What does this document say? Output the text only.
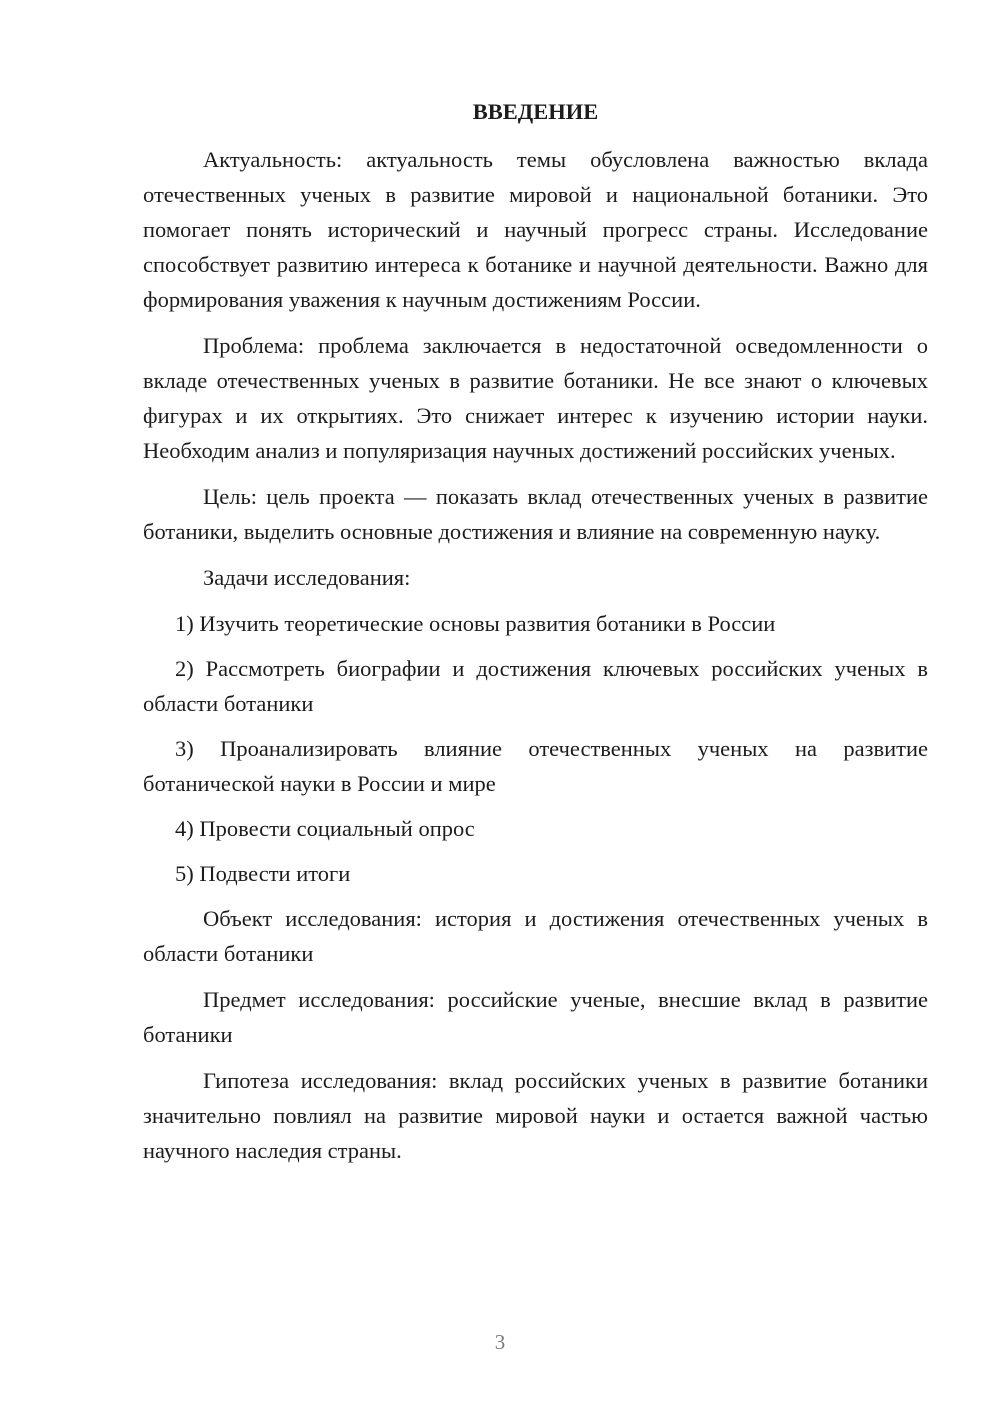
ВВЕДЕНИЕ

Актуальность: актуальность темы обусловлена важностью вклада отечественных ученых в развитие мировой и национальной ботаники. Это помогает понять исторический и научный прогресс страны. Исследование способствует развитию интереса к ботанике и научной деятельности. Важно для формирования уважения к научным достижениям России.

Проблема: проблема заключается в недостаточной осведомленности о вкладе отечественных ученых в развитие ботаники. Не все знают о ключевых фигурах и их открытиях. Это снижает интерес к изучению истории науки. Необходим анализ и популяризация научных достижений российских ученых.

Цель: цель проекта — показать вклад отечественных ученых в развитие ботаники, выделить основные достижения и влияние на современную науку.

Задачи исследования:

1) Изучить теоретические основы развития ботаники в России

2) Рассмотреть биографии и достижения ключевых российских ученых в области ботаники

3) Проанализировать влияние отечественных ученых на развитие ботанической науки в России и мире

4) Провести социальный опрос

5) Подвести итоги

Объект исследования: история и достижения отечественных ученых в области ботаники

Предмет исследования: российские ученые, внесшие вклад в развитие ботаники

Гипотеза исследования: вклад российских ученых в развитие ботаники значительно повлиял на развитие мировой науки и остается важной частью научного наследия страны.

3
